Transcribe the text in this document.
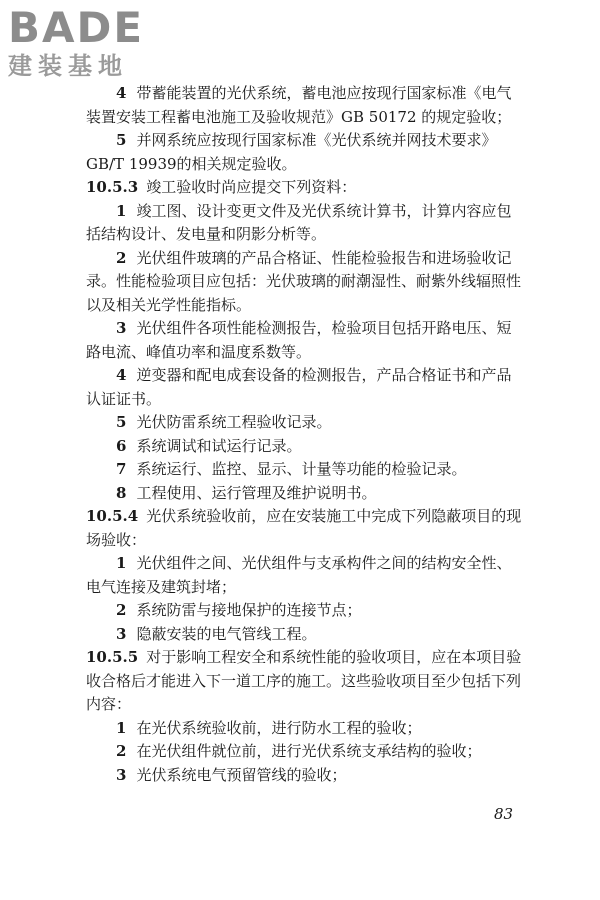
BADE
建装基地

4 带蓄能装置的光伏系统，蓄电池应按现行国家标准《电气装置安装工程蓄电池施工及验收规范》GB 50172 的规定验收；

5 并网系统应按现行国家标准《光伏系统并网技术要求》GB/T 19939的相关规定验收。

10.5.3 竣工验收时尚应提交下列资料：

1 竣工图、设计变更文件及光伏系统计算书，计算内容应包括结构设计、发电量和阴影分析等。

2 光伏组件玻璃的产品合格证、性能检验报告和进场验收记录。性能检验项目应包括：光伏玻璃的耐潮湿性、耐紫外线辐照性以及相关光学性能指标。

3 光伏组件各项性能检测报告，检验项目包括开路电压、短路电流、峰值功率和温度系数等。

4 逆变器和配电成套设备的检测报告，产品合格证书和产品认证证书。

5 光伏防雷系统工程验收记录。

6 系统调试和试运行记录。

7 系统运行、监控、显示、计量等功能的检验记录。

8 工程使用、运行管理及维护说明书。

10.5.4 光伏系统验收前，应在安装施工中完成下列隐蔽项目的现场验收：

1 光伏组件之间、光伏组件与支承构件之间的结构安全性、电气连接及建筑封堵；

2 系统防雷与接地保护的连接节点；

3 隐蔽安装的电气管线工程。

10.5.5 对于影响工程安全和系统性能的验收项目，应在本项目验收合格后才能进入下一道工序的施工。这些验收项目至少包括下列内容：

1 在光伏系统验收前，进行防水工程的验收；

2 在光伏组件就位前，进行光伏系统支承结构的验收；

3 光伏系统电气预留管线的验收；

83
